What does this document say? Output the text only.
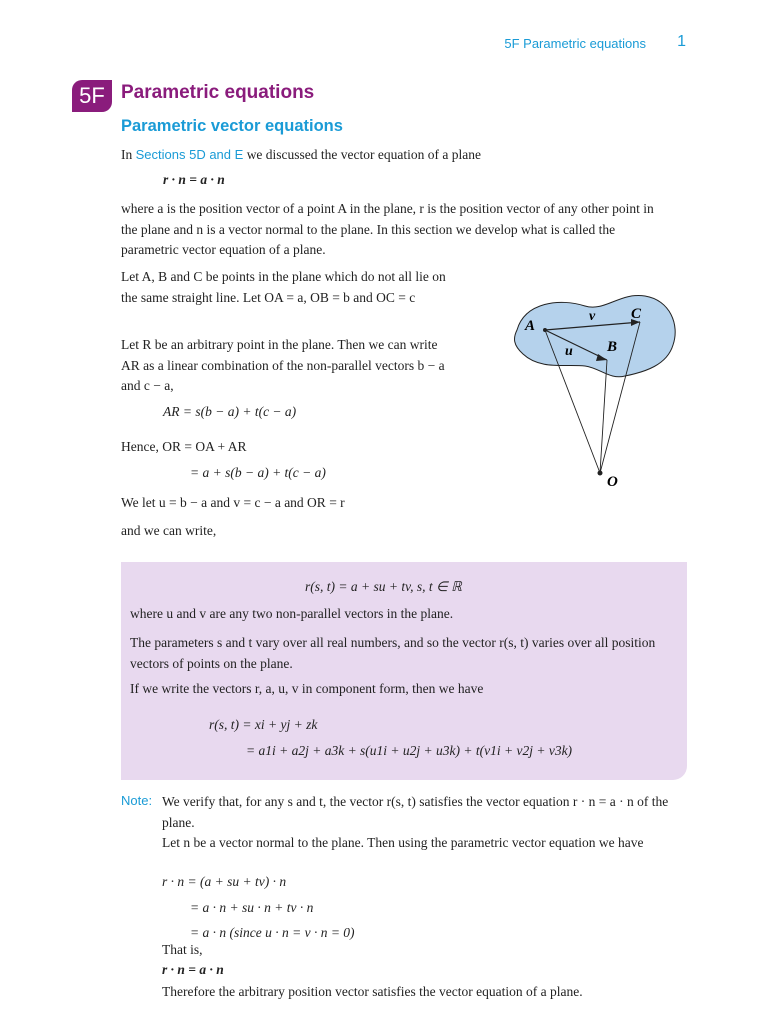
5F Parametric equations 1
5F Parametric equations
Parametric vector equations
In Sections 5D and E we discussed the vector equation of a plane
r · n = a · n
where a is the position vector of a point A in the plane, r is the position vector of any other point in the plane and n is a vector normal to the plane. In this section we develop what is called the parametric vector equation of a plane.
Let A, B and C be points in the plane which do not all lie on the same straight line. Let OA = a, OB = b and OC = c
Let R be an arbitrary point in the plane. Then we can write AR as a linear combination of the non-parallel vectors b − a and c − a,
AR = s(b − a) + t(c − a)
Hence, OR = OA + AR
= a + s(b − a) + t(c − a)
We let u = b − a and v = c − a and OR = r
and we can write,
A
B
C
O
u
v
r(s, t) = a + su + tv, s, t ∈ ℝ
where u and v are any two non-parallel vectors in the plane.
The parameters s and t vary over all real numbers, and so the vector r(s, t) varies over all position vectors of points on the plane.
If we write the vectors r, a, u, v in component form, then we have
r(s, t) = xi + yj + zk
= a1i + a2j + a3k + s(u1i + u2j + u3k) + t(v1i + v2j + v3k)
Note: We verify that, for any s and t, the vector r(s, t) satisfies the vector equation r · n = a · n of the plane.
Let n be a vector normal to the plane. Then using the parametric vector equation we have
r · n = (a + su + tv) · n
= a · n + su · n + tv · n
= a · n (since u · n = v · n = 0)
That is,
r · n = a · n
Therefore the arbitrary position vector satisfies the vector equation of a plane.
